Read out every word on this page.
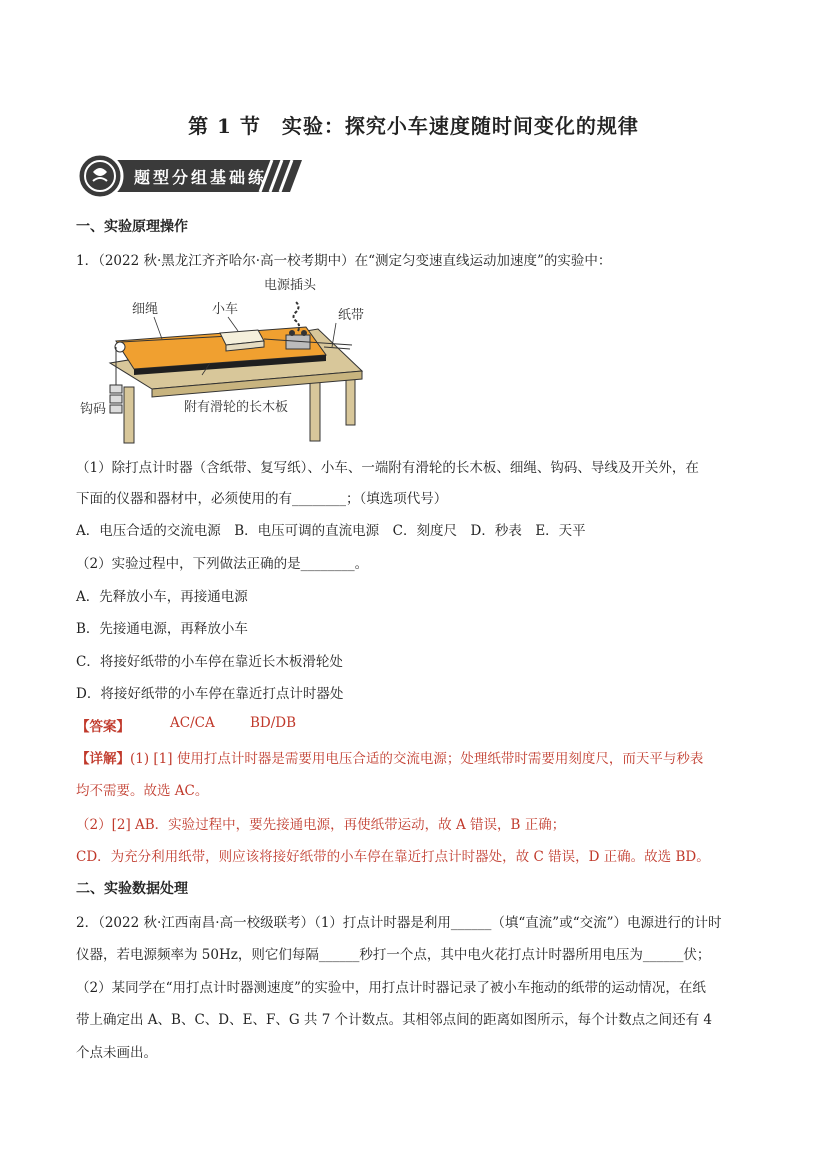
第 1 节　实验：探究小车速度随时间变化的规律
题型分组基础练
一、实验原理操作
1．（2022 秋·黑龙江齐齐哈尔·高一校考期中）在“测定匀变速直线运动加速度”的实验中：
电源插头
细绳	小车	纸带
钩码	附有滑轮的长木板
（1）除打点计时器（含纸带、复写纸）、小车、一端附有滑轮的长木板、细绳、钩码、导线及开关外，在
下面的仪器和器材中，必须使用的有________；（填选项代号）
A．电压合适的交流电源　B．电压可调的直流电源　C．刻度尺　D．秒表　E．天平
（2）实验过程中，下列做法正确的是________。
A．先释放小车，再接通电源
B．先接通电源，再释放小车
C．将接好纸带的小车停在靠近长木板滑轮处
D．将接好纸带的小车停在靠近打点计时器处
【答案】	AC/CA	BD/DB
【详解】 (1) [1] 使用打点计时器是需要用电压合适的交流电源；处理纸带时需要用刻度尺，而天平与秒表
均不需要。故选 AC。
（2）[2] AB．实验过程中，要先接通电源，再使纸带运动，故 A 错误，B 正确；
CD．为充分利用纸带，则应该将接好纸带的小车停在靠近打点计时器处，故 C 错误，D 正确。故选 BD。
二、实验数据处理
2．（2022 秋·江西南昌·高一校级联考）（1）打点计时器是利用______（填“直流”或“交流”）电源进行的计时
仪器，若电源频率为 50Hz，则它们每隔______秒打一个点，其中电火花打点计时器所用电压为______伏；
（2）某同学在“用打点计时器测速度”的实验中，用打点计时器记录了被小车拖动的纸带的运动情况，在纸
带上确定出 A、B、C、D、E、F、G 共 7 个计数点。其相邻点间的距离如图所示，每个计数点之间还有 4
个点未画出。
